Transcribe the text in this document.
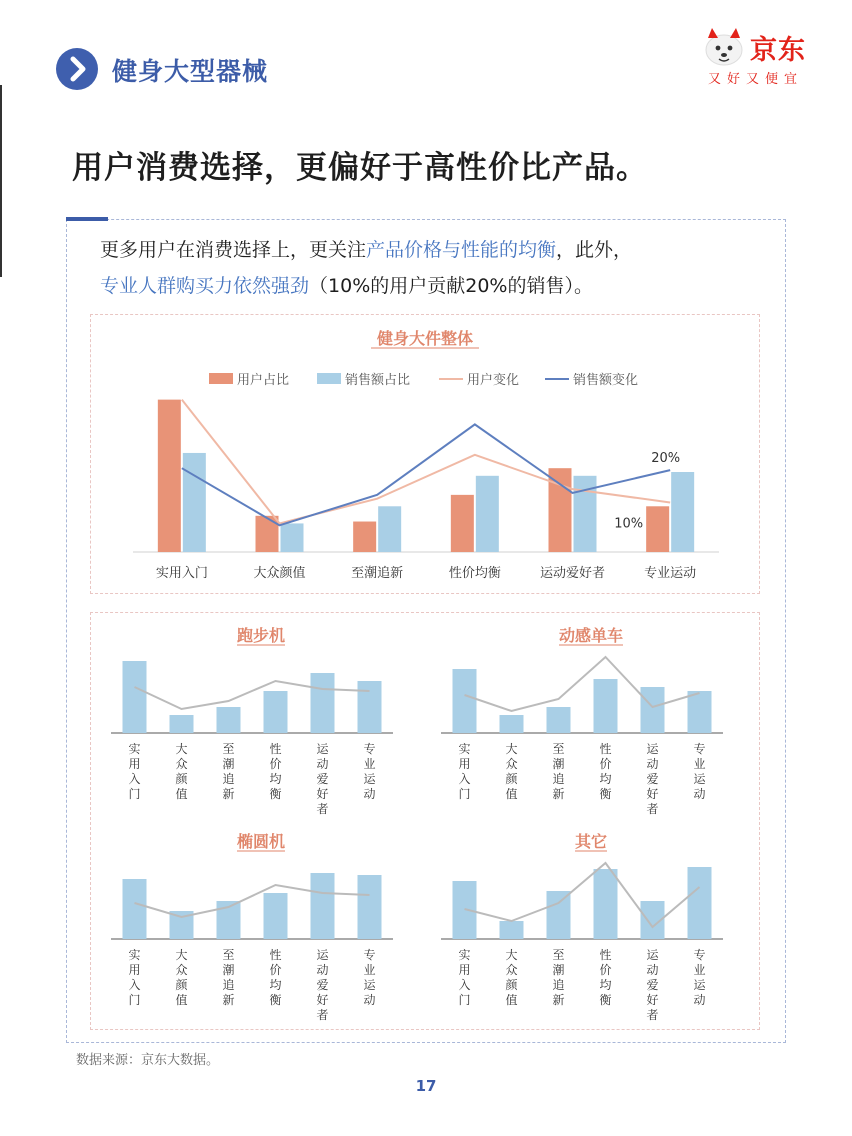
健身大型器械
京东
又好又便宜
用户消费选择，更偏好于高性价比产品。
更多用户在消费选择上，更关注产品价格与性能的均衡，此外，
专业人群购买力依然强劲（10%的用户贡献20%的销售）。
健身大件整体
用户占比	销售额占比	用户变化	销售额变化
实用入门	大众颜值	至潮追新	性价均衡	运动爱好者	专业运动
20%
10%
跑步机
实用入门
大众颜值
至潮追新
性价均衡
运动爱好者
专业运动
动感单车
实用入门
大众颜值
至潮追新
性价均衡
运动爱好者
专业运动
椭圆机
实用入门
大众颜值
至潮追新
性价均衡
运动爱好者
专业运动
其它
实用入门
大众颜值
至潮追新
性价均衡
运动爱好者
专业运动
数据来源：京东大数据。
17
